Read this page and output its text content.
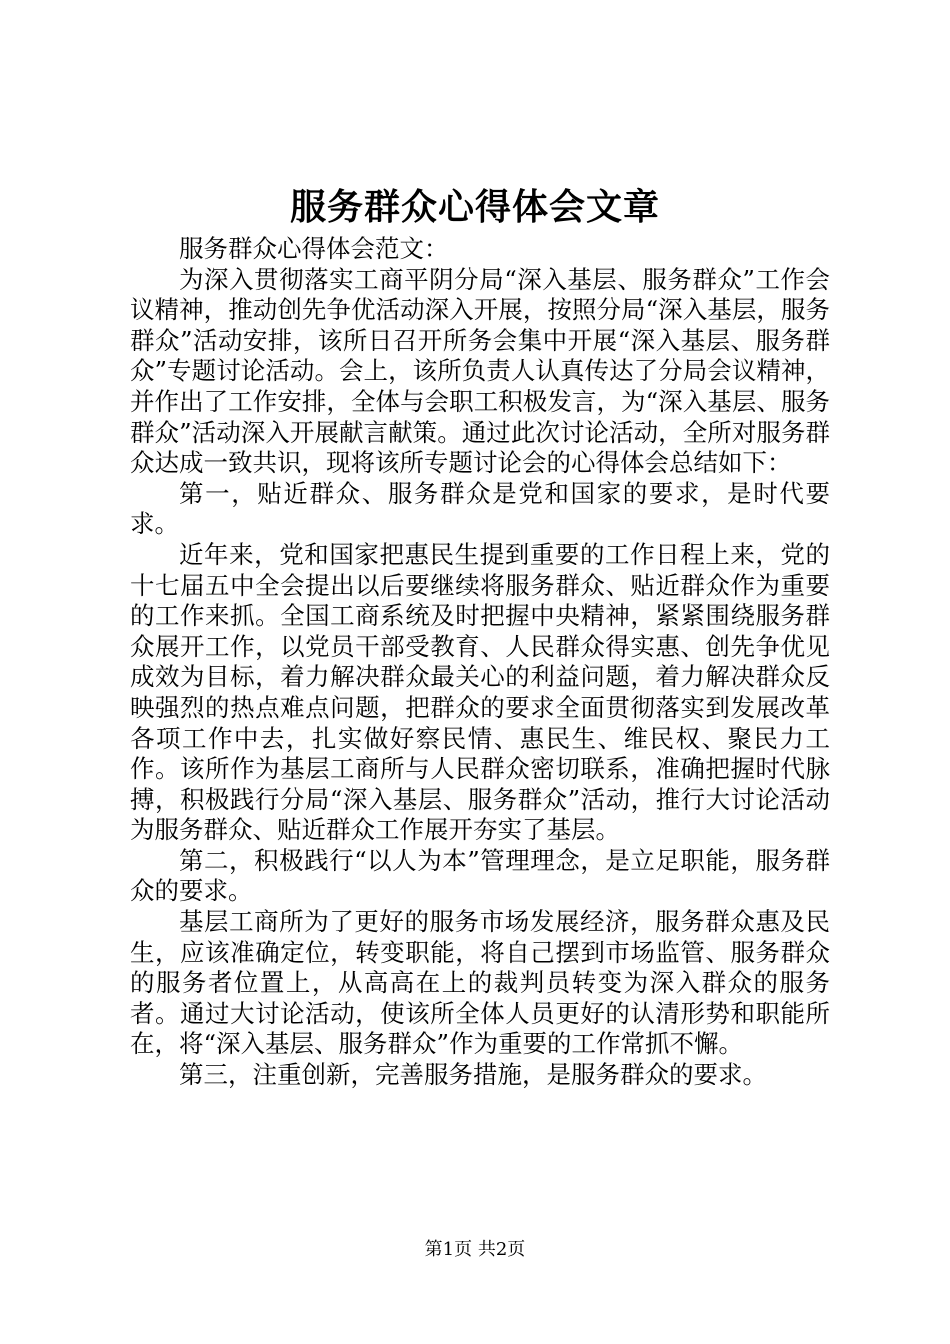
服务群众心得体会文章

服务群众心得体会范文：

为深入贯彻落实工商平阴分局“深入基层、服务群众”工作会议精神，推动创先争优活动深入开展，按照分局“深入基层，服务群众”活动安排，该所日召开所务会集中开展“深入基层、服务群众”专题讨论活动。会上，该所负责人认真传达了分局会议精神，并作出了工作安排，全体与会职工积极发言，为“深入基层、服务群众”活动深入开展献言献策。通过此次讨论活动，全所对服务群众达成一致共识，现将该所专题讨论会的心得体会总结如下：

第一，贴近群众、服务群众是党和国家的要求，是时代要求。

近年来，党和国家把惠民生提到重要的工作日程上来，党的十七届五中全会提出以后要继续将服务群众、贴近群众作为重要的工作来抓。全国工商系统及时把握中央精神，紧紧围绕服务群众展开工作，以党员干部受教育、人民群众得实惠、创先争优见成效为目标，着力解决群众最关心的利益问题，着力解决群众反映强烈的热点难点问题，把群众的要求全面贯彻落实到发展改革各项工作中去，扎实做好察民情、惠民生、维民权、聚民力工作。该所作为基层工商所与人民群众密切联系，准确把握时代脉搏，积极践行分局“深入基层、服务群众”活动，推行大讨论活动为服务群众、贴近群众工作展开夯实了基层。

第二，积极践行“以人为本”管理理念，是立足职能，服务群众的要求。

基层工商所为了更好的服务市场发展经济，服务群众惠及民生，应该准确定位，转变职能，将自己摆到市场监管、服务群众的服务者位置上，从高高在上的裁判员转变为深入群众的服务者。通过大讨论活动，使该所全体人员更好的认清形势和职能所在，将“深入基层、服务群众”作为重要的工作常抓不懈。

第三，注重创新，完善服务措施，是服务群众的要求。

第1页 共2页
